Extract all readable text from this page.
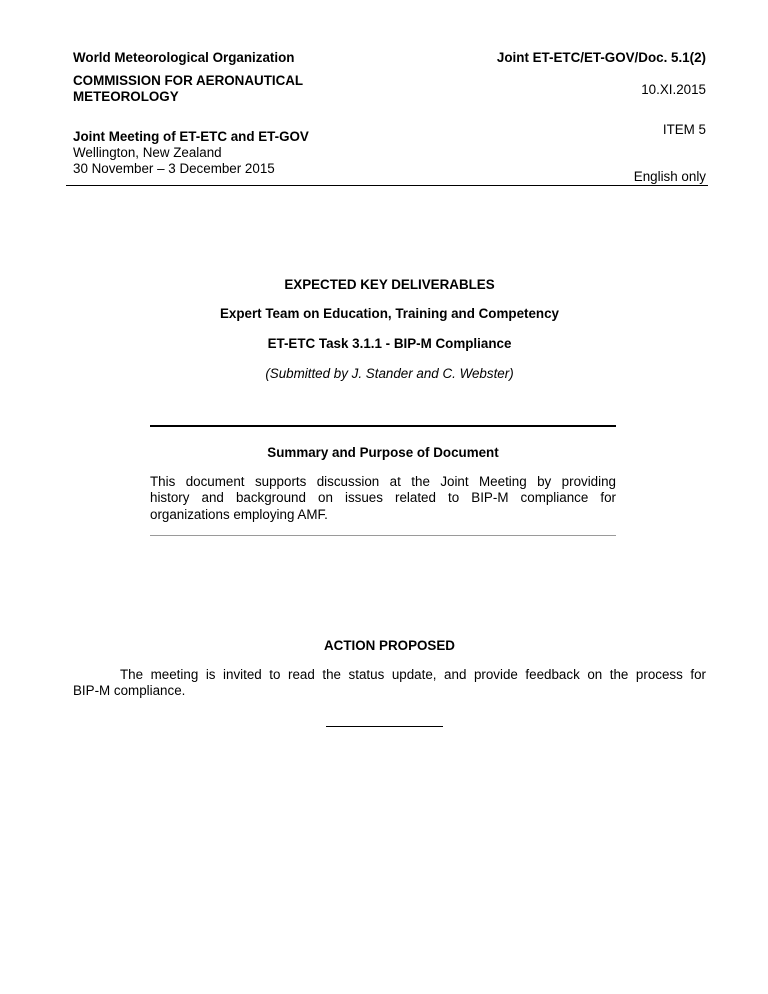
World Meteorological Organization	Joint ET-ETC/ET-GOV/Doc. 5.1(2)
COMMISSION FOR AERONAUTICAL
METEOROLOGY	10.XI.2015
ITEM 5
Joint Meeting of ET-ETC and ET-GOV
Wellington, New Zealand
30 November – 3 December 2015
English only
EXPECTED KEY DELIVERABLES
Expert Team on Education, Training and Competency
ET-ETC Task 3.1.1 - BIP-M Compliance
(Submitted by J. Stander and C. Webster)
Summary and Purpose of Document
This document supports discussion at the Joint Meeting by providing
history and background on issues related to BIP-M compliance for
organizations employing AMF.
ACTION PROPOSED
The meeting is invited to read the status update, and provide feedback on the process for
BIP-M compliance.
